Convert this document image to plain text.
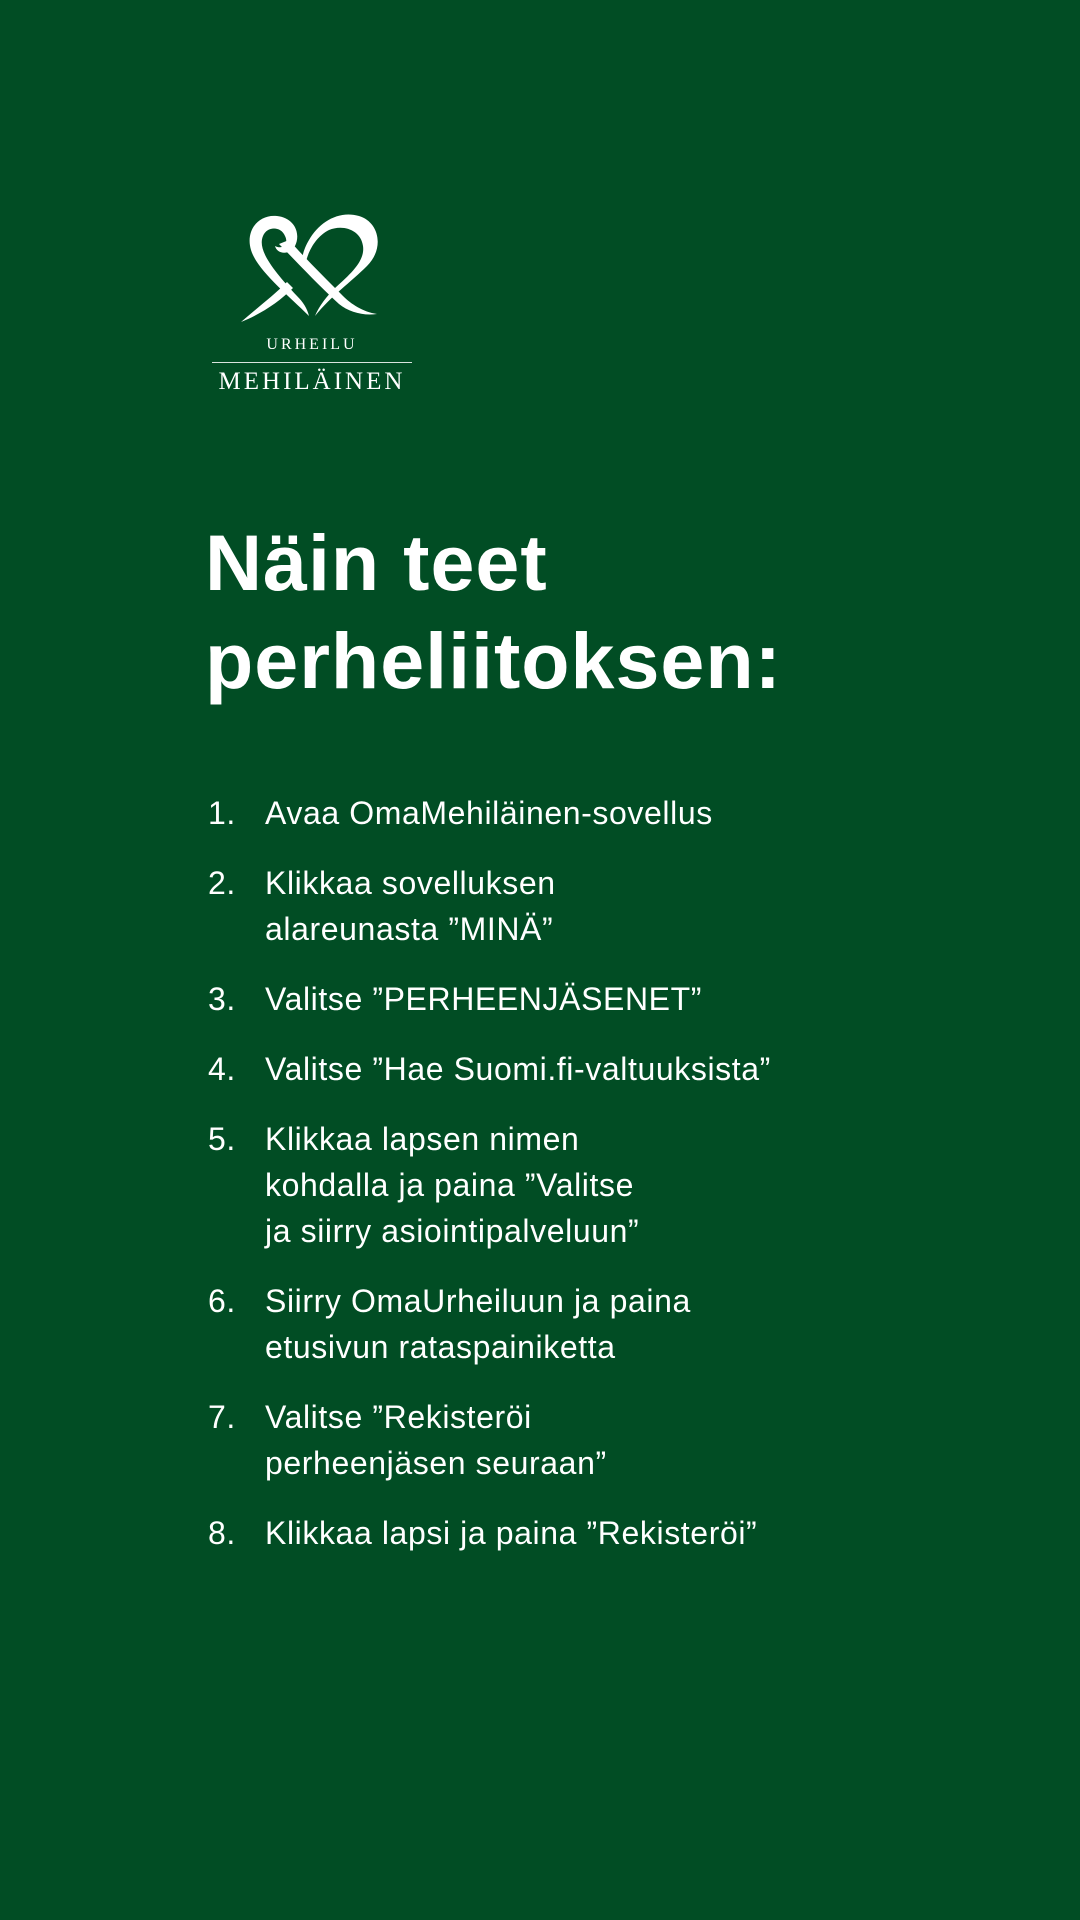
URHEILU
MEHILÄINEN
Näin teet
perheliitoksen:
1. Avaa OmaMehiläinen-sovellus
2. Klikkaa sovelluksen
alareunasta ”MINÄ”
3. Valitse ”PERHEENJÄSENET”
4. Valitse ”Hae Suomi.fi-valtuuksista”
5. Klikkaa lapsen nimen
kohdalla ja paina ”Valitse
ja siirry asiointipalveluun”
6. Siirry OmaUrheiluun ja paina
etusivun rataspainiketta
7. Valitse ”Rekisteröi
perheenjäsen seuraan”
8. Klikkaa lapsi ja paina ”Rekisteröi”
